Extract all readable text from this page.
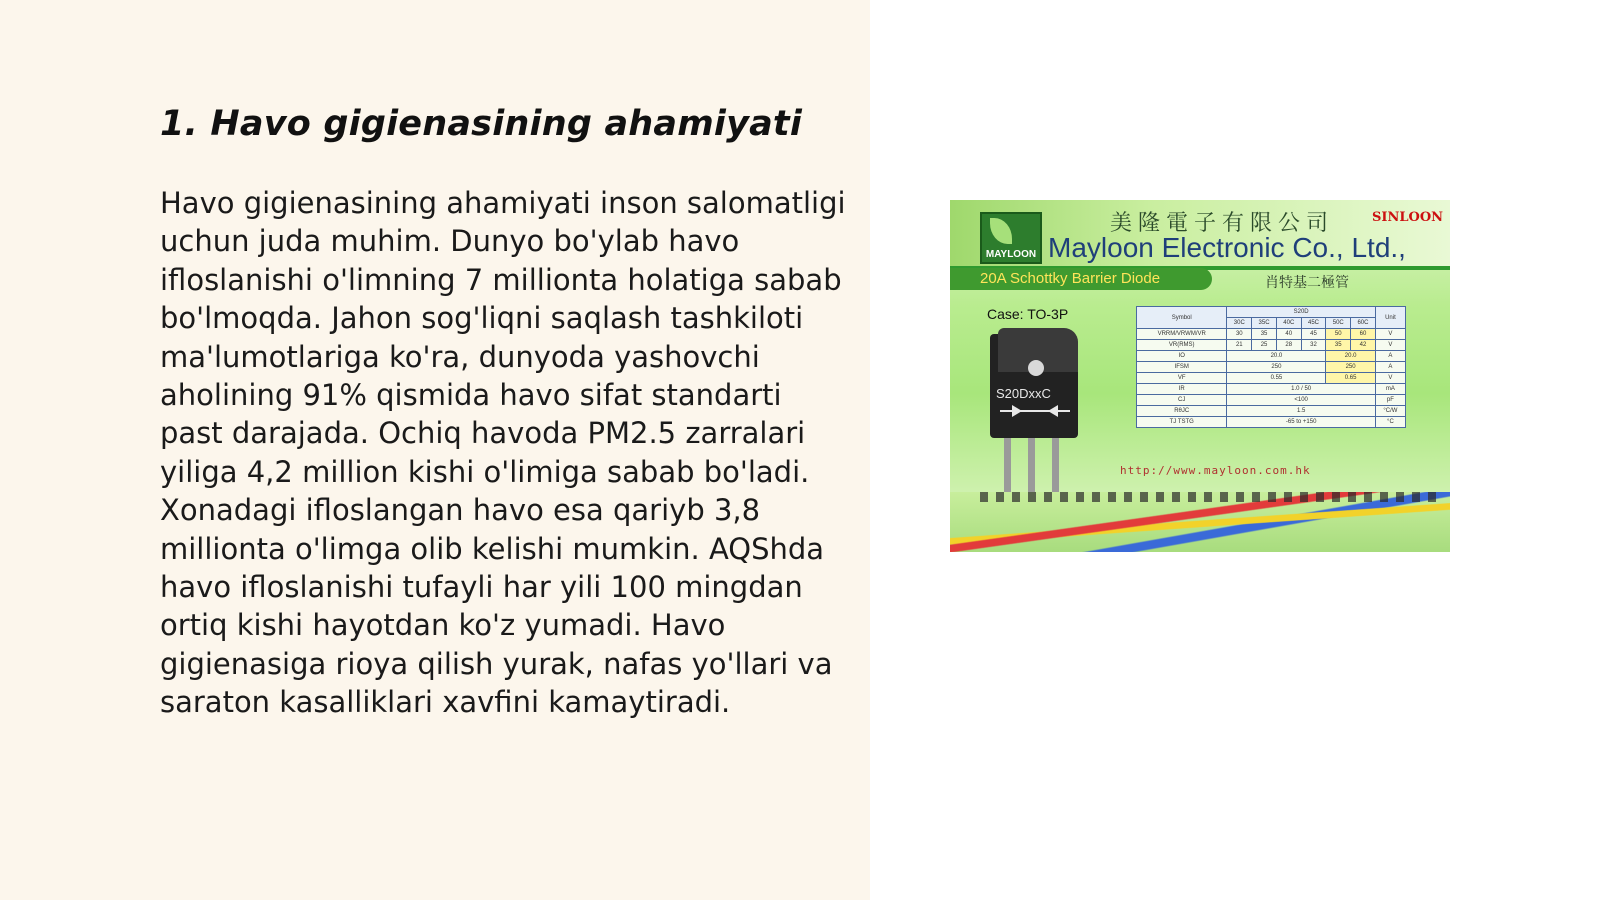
1. Havo gigienasining ahamiyati

Havo gigienasining ahamiyati inson salomatligi uchun juda muhim. Dunyo bo'ylab havo ifloslanishi o'limning 7 millionta holatiga sabab bo'lmoqda. Jahon sog'liqni saqlash tashkiloti ma'lumotlariga ko'ra, dunyoda yashovchi aholining 91% qismida havo sifat standarti past darajada. Ochiq havoda PM2.5 zarralari yiligа 4,2 million kishi o'limiga sabab bo'ladi. Xonadagi ifloslangan havo esa qariyb 3,8 millionta o'limga olib kelishi mumkin. AQShda havo ifloslanishi tufayli har yili 100 mingdan ortiq kishi hayotdan ko'z yumadi. Havo gigienasiga rioya qilish yurak, nafas yo'llari va saraton kasalliklari xavfini kamaytiradi.

MAYLOON
美隆電子有限公司	SINLOON
Mayloon Electronic Co., Ltd.,
20A Schottky Barrier Diode	肖特基二極管
Case: TO-3P
S20DxxC
Symbol	S20D						Unit
	30C	35C	40C	45C	50C	60C	
VRRM/VRWM/VR	30	35	40	45	50	60	V
VR(RMS)	21	25	28	32	35	42	V
IO	20.0				20.0		A
IFSM	250				250		A
VF	0.55				0.65		V
IR	1.0 / 50						mA
CJ	<100						pF
RθJC	1.5						°C/W
TJ TSTG	-65 to +150						°C
http://www.mayloon.com.hk
